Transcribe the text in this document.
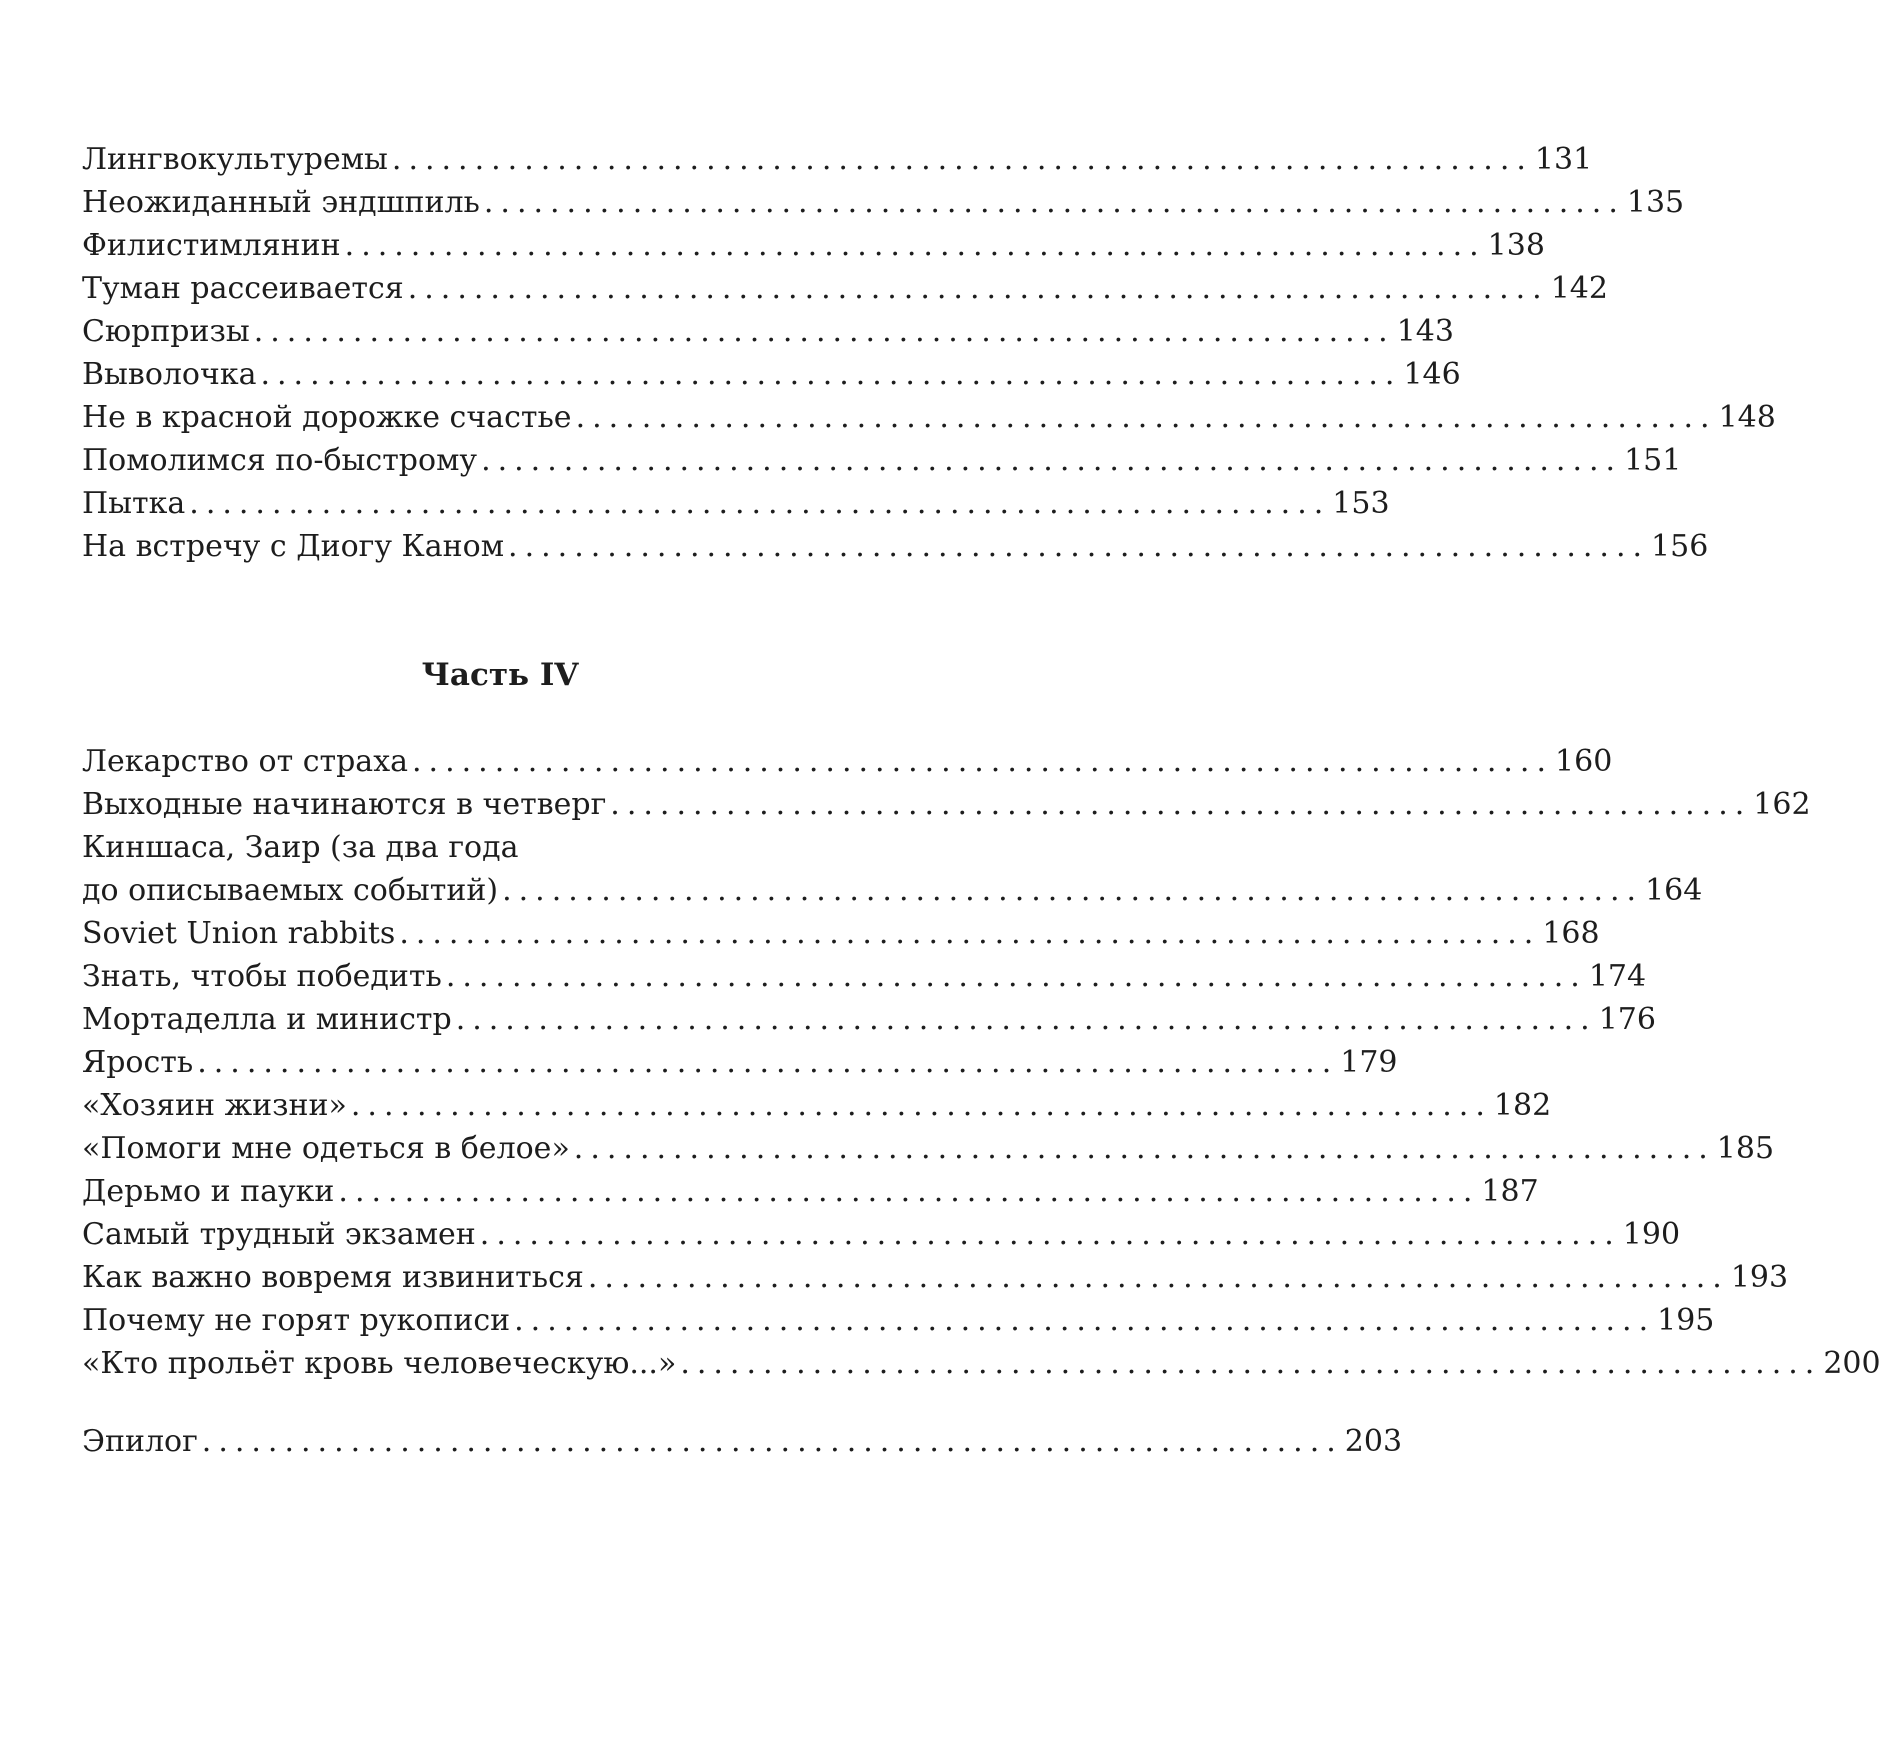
Лингвокультуремы ..................................................................... 131
Неожиданный эндшпиль ..................................................................... 135
Филистимлянин ..................................................................... 138
Туман рассеивается ..................................................................... 142
Сюрпризы ..................................................................... 143
Выволочка ..................................................................... 146
Не в красной дорожке счастье ..................................................................... 148
Помолимся по-быстрому ..................................................................... 151
Пытка ..................................................................... 153
На встречу с Диогу Каном ..................................................................... 156
Часть IV
Лекарство от страха ..................................................................... 160
Выходные начинаются в четверг ..................................................................... 162
Киншаса, Заир (за два года
до описываемых событий) ..................................................................... 164
Soviet Union rabbits ..................................................................... 168
Знать, чтобы победить ..................................................................... 174
Мортаделла и министр ..................................................................... 176
Ярость ..................................................................... 179
«Хозяин жизни» ..................................................................... 182
«Помоги мне одеться в белое» ..................................................................... 185
Дерьмо и пауки ..................................................................... 187
Самый трудный экзамен ..................................................................... 190
Как важно вовремя извиниться ..................................................................... 193
Почему не горят рукописи ..................................................................... 195
«Кто прольёт кровь человеческую...» ..................................................................... 200
Эпилог ..................................................................... 203
